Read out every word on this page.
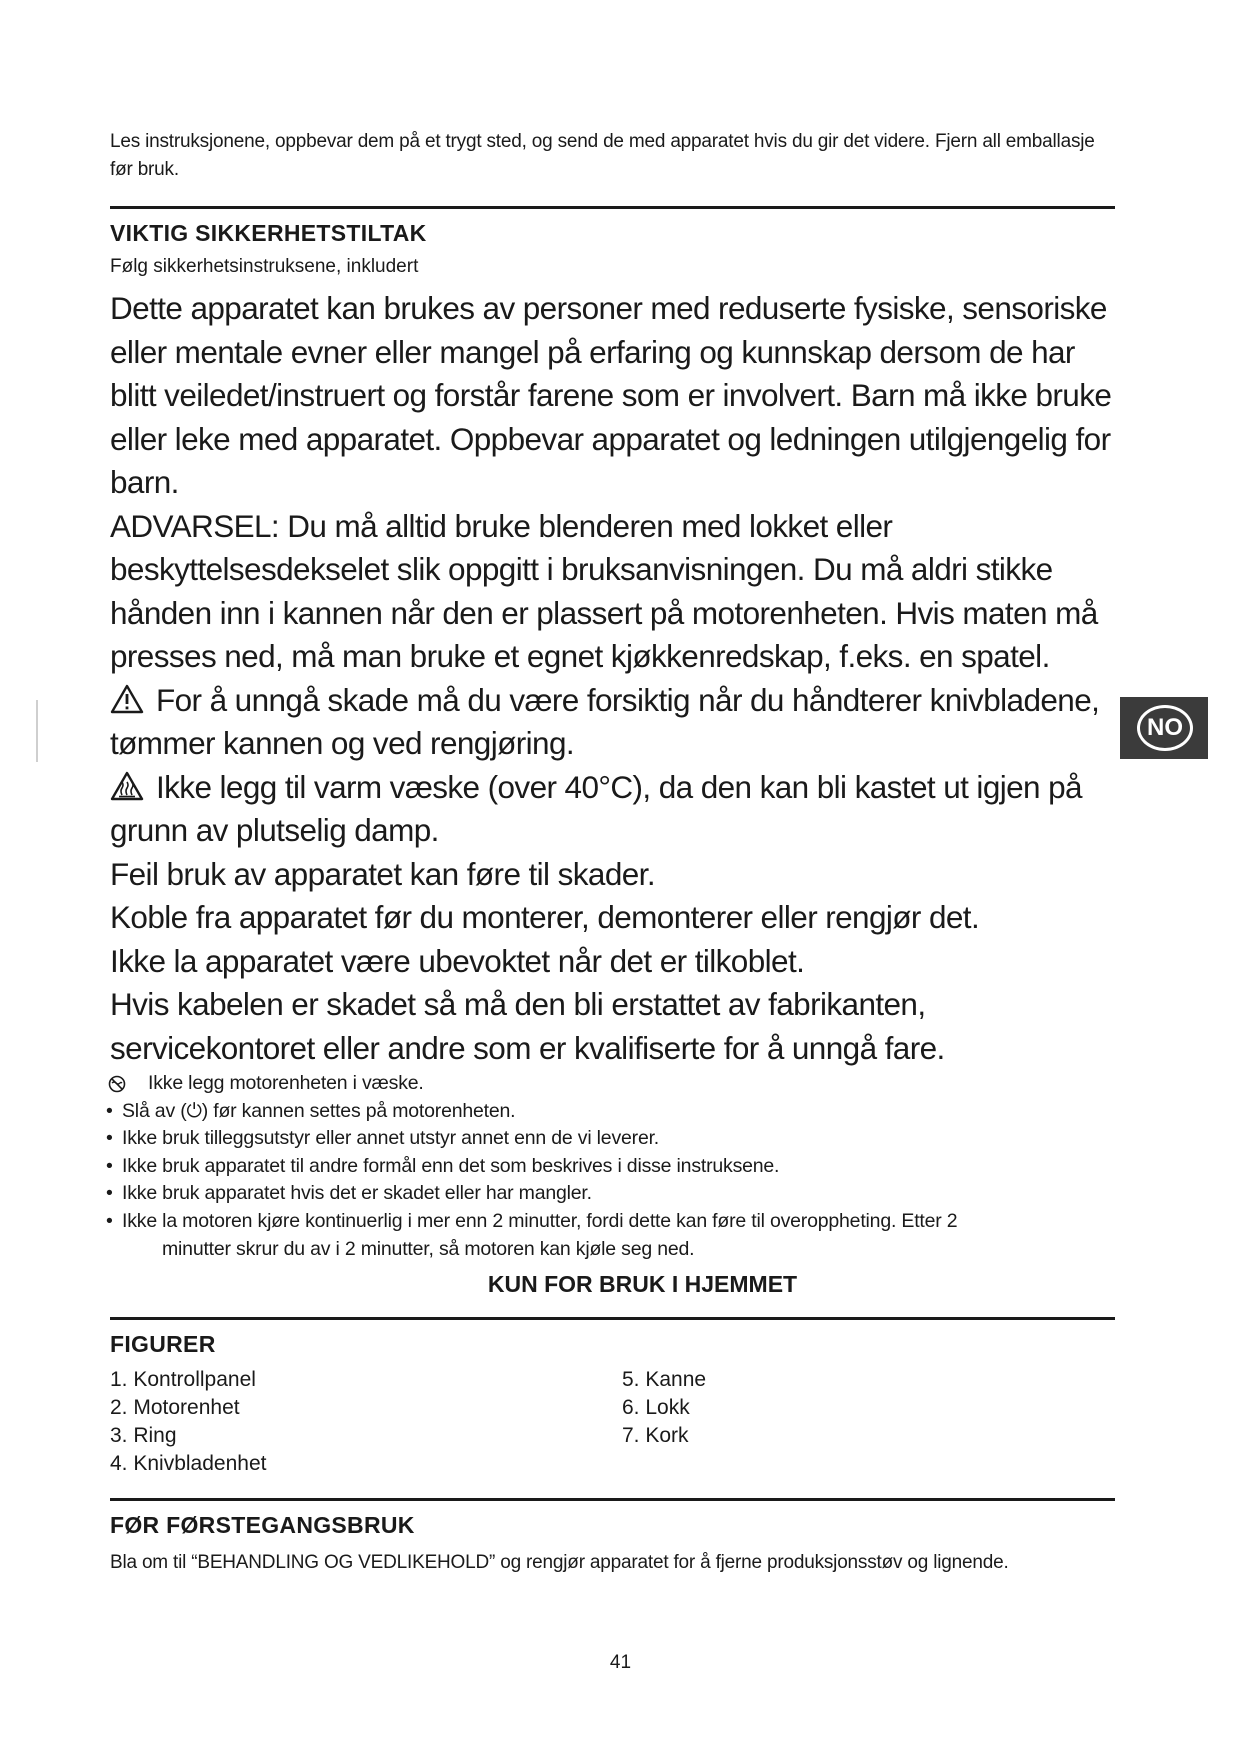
Les instruksjonene, oppbevar dem på et trygt sted, og send de med apparatet hvis du gir det videre. Fjern all emballasje før bruk.

VIKTIG SIKKERHETSTILTAK

Følg sikkerhetsinstruksene, inkludert

Dette apparatet kan brukes av personer med reduserte fysiske, sensoriske eller mentale evner eller mangel på erfaring og kunnskap dersom de har blitt veiledet/instruert og forstår farene som er involvert. Barn må ikke bruke eller leke med apparatet. Oppbevar apparatet og ledningen utilgjengelig for barn.

ADVARSEL: Du må alltid bruke blenderen med lokket eller beskyttelsesdekselet slik oppgitt i bruksanvisningen. Du må aldri stikke hånden inn i kannen når den er plassert på motorenheten. Hvis maten må presses ned, må man bruke et egnet kjøkkenredskap, f.eks. en spatel.

For å unngå skade må du være forsiktig når du håndterer knivbladene, tømmer kannen og ved rengjøring.

Ikke legg til varm væske (over 40°C), da den kan bli kastet ut igjen på grunn av plutselig damp.

Feil bruk av apparatet kan føre til skader.

Koble fra apparatet før du monterer, demonterer eller rengjør det.

Ikke la apparatet være ubevoktet når det er tilkoblet.

Hvis kabelen er skadet så må den bli erstattet av fabrikanten, servicekontoret eller andre som er kvalifiserte for å unngå fare.

Ikke legg motorenheten i væske.
• Slå av (⏻) før kannen settes på motorenheten.
• Ikke bruk tilleggsutstyr eller annet utstyr annet enn de vi leverer.
• Ikke bruk apparatet til andre formål enn det som beskrives i disse instruksene.
• Ikke bruk apparatet hvis det er skadet eller har mangler.
• Ikke la motoren kjøre kontinuerlig i mer enn 2 minutter, fordi dette kan føre til overoppheting. Etter 2
minutter skrur du av i 2 minutter, så motoren kan kjøle seg ned.

KUN FOR BRUK I HJEMMET

FIGURER
1. Kontrollpanel
2. Motorenhet
3. Ring
4. Knivbladenhet
5. Kanne
6. Lokk
7. Kork
FØR FØRSTEGANGSBRUK

Bla om til “BEHANDLING OG VEDLIKEHOLD” og rengjør apparatet for å fjerne produksjonsstøv og lignende.

NO
41
